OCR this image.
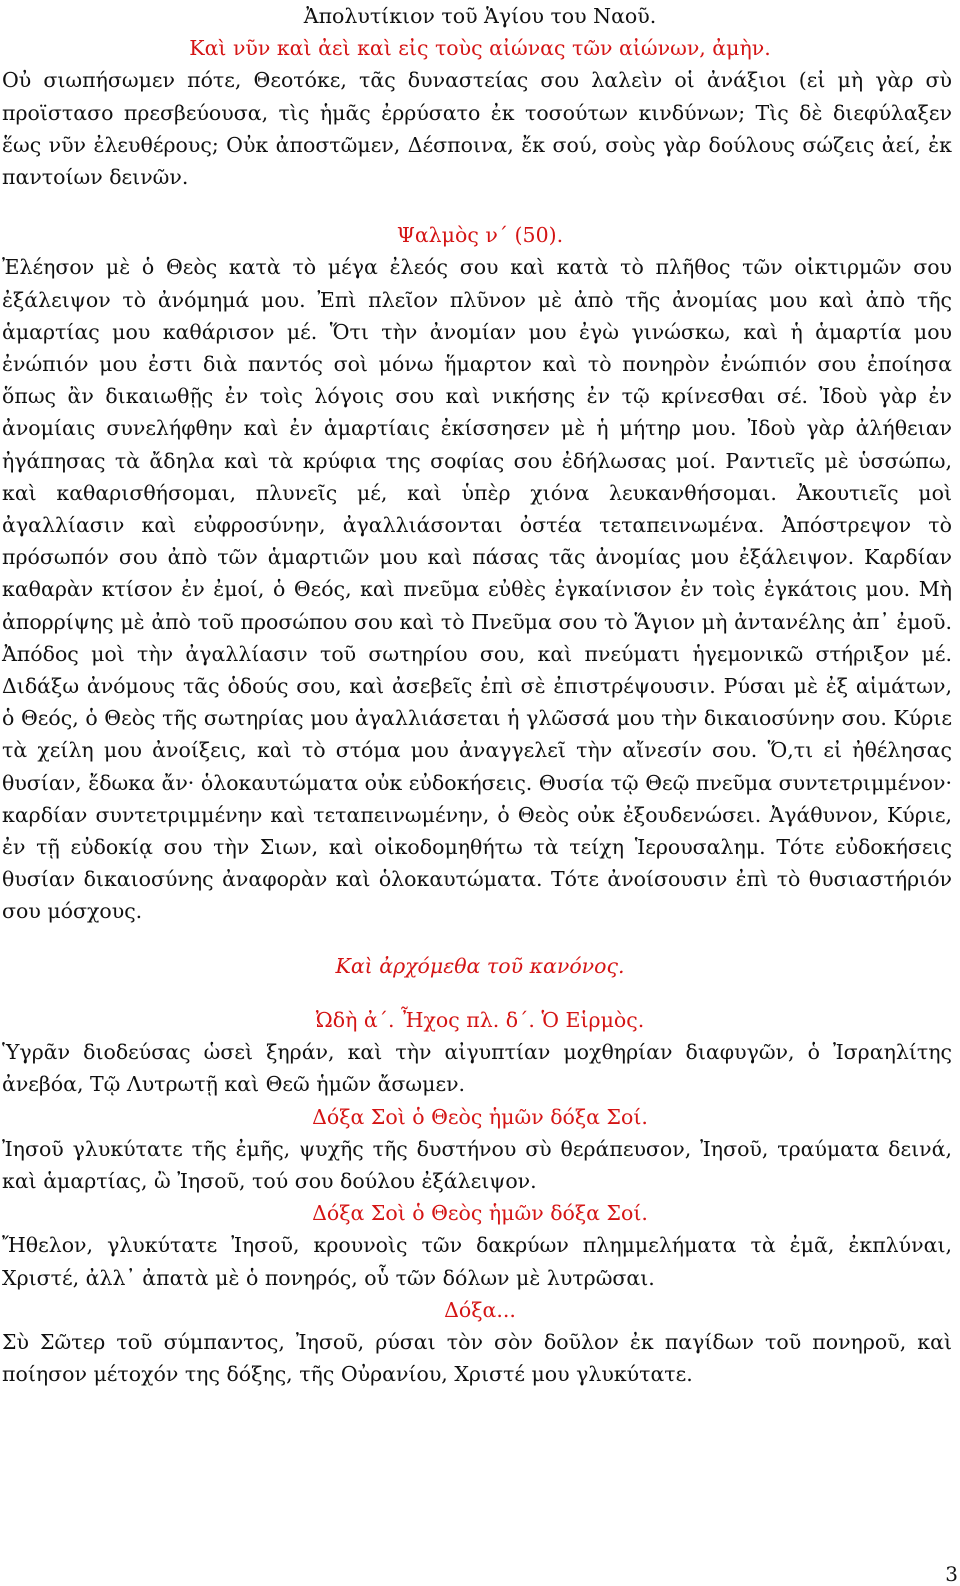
Ἀπολυτίκιον τοῦ Ἁγίου του Ναοῦ.

Καὶ νῦν καὶ ἀεὶ καὶ εἰς τοὺς αἰώνας τῶν αἰώνων, ἀμὴν.

Οὐ σιωπήσωμεν πότε, Θεοτόκε, τᾶς δυναστείας σου λαλεὶν οἱ ἀνάξιοι (εἰ μὴ γὰρ σὺ προϊστασο πρεσβεύουσα, τὶς ἡμᾶς ἐρρύσατο ἐκ τοσούτων κινδύνων; Τὶς δὲ διεφύλαξεν ἕως νῦν ἐλευθέρους; Οὐκ ἀποστῶμεν, Δέσποινα, ἔκ σού, σοὺς γὰρ δούλους σώζεις ἀεί, ἐκ παντοίων δεινῶν.

Ψαλμὸς ν΄ (50).

Ἐλέησον μὲ ὁ Θεὸς κατὰ τὸ μέγα ἐλεός σου καὶ κατὰ τὸ πλῆθος τῶν οἰκτιρμῶν σου ἐξάλειψον τὸ ἀνόμημά μου. Ἐπὶ πλεῖον πλῦνον μὲ ἀπὸ τῆς ἀνομίας μου καὶ ἀπὸ τῆς ἁμαρτίας μου καθάρισον μέ. Ὅτι τὴν ἀνομίαν μου ἐγὼ γινώσκω, καὶ ἡ ἁμαρτία μου ἐνώπιόν μου ἐστι διὰ παντός σοὶ μόνω ἥμαρτον καὶ τὸ πονηρὸν ἐνώπιόν σου ἐποίησα ὅπως ἂν δικαιωθῇς ἐν τοὶς λόγοις σου καὶ νικήσης ἐν τῷ κρίνεσθαι σέ. Ἰδοὺ γὰρ ἐν ἀνομίαις συνελήφθην καὶ ἐν ἁμαρτίαις ἐκίσσησεν μὲ ἡ μήτηρ μου. Ἰδοὺ γὰρ ἀλήθειαν ἠγάπησας τὰ ἄδηλα καὶ τὰ κρύφια της σοφίας σου ἐδήλωσας μοί. Ραντιεῖς μὲ ὑσσώπω, καὶ καθαρισθήσομαι, πλυνεῖς μέ, καὶ ὑπὲρ χιόνα λευκανθήσομαι. Ἀκουτιεῖς μοὶ ἀγαλλίασιν καὶ εὐφροσύνην, ἀγαλλιάσονται ὀστέα τεταπεινωμένα. Ἀπόστρεψον τὸ πρόσωπόν σου ἀπὸ τῶν ἁμαρτιῶν μου καὶ πάσας τᾶς ἀνομίας μου ἐξάλειψον. Καρδίαν καθαρὰν κτίσον ἐν ἐμοί, ὁ Θεός, καὶ πνεῦμα εὐθὲς ἐγκαίνισον ἐν τοὶς ἐγκάτοις μου. Μὴ ἀπορρίψης μὲ ἀπὸ τοῦ προσώπου σου καὶ τὸ Πνεῦμα σου τὸ Ἅγιον μὴ ἀντανέλης ἀπ᾽ ἐμοῦ. Ἀπόδος μοὶ τὴν ἀγαλλίασιν τοῦ σωτηρίου σου, καὶ πνεύματι ἡγεμονικῶ στήριξον μέ. Διδάξω ἀνόμους τᾶς ὁδούς σου, καὶ ἀσεβεῖς ἐπὶ σὲ ἐπιστρέψουσιν. Ρύσαι μὲ ἐξ αἱμάτων, ὁ Θεός, ὁ Θεὸς τῆς σωτηρίας μου ἀγαλλιάσεται ἡ γλῶσσά μου τὴν δικαιοσύνην σου. Κύριε τὰ χείλη μου ἀνοίξεις, καὶ τὸ στόμα μου ἀναγγελεῖ τὴν αἴνεσίν σου. Ὅ,τι εἰ ἠθέλησας θυσίαν, ἔδωκα ἄν· ὁλοκαυτώματα οὐκ εὐδοκήσεις. Θυσία τῷ Θεῷ πνεῦμα συντετριμμένον· καρδίαν συντετριμμένην καὶ τεταπεινωμένην, ὁ Θεὸς οὐκ ἐξουδενώσει. Ἀγάθυνον, Κύριε, ἐν τῇ εὐδοκίᾳ σου τὴν Σιων, καὶ οἰκοδομηθήτω τὰ τείχη Ἱερουσαλημ. Τότε εὐδοκήσεις θυσίαν δικαιοσύνης ἀναφορὰν καὶ ὁλοκαυτώματα. Τότε ἀνοίσουσιν ἐπὶ τὸ θυσιαστήριόν σου μόσχους.

Καὶ ἀρχόμεθα τοῦ κανόνος.

Ὠδὴ ἀ΄. Ἦχος πλ. δ΄. Ὁ Εἱρμὸς.

Ὑγρᾶν διοδεύσας ὡσεὶ ξηράν, καὶ τὴν αἰγυπτίαν μοχθηρίαν διαφυγῶν, ὁ Ἰσραηλίτης ἀνεβόα, Τῷ Λυτρωτῇ καὶ Θεῶ ἡμῶν ἄσωμεν.

Δόξα Σοὶ ὁ Θεὸς ἡμῶν δόξα Σοί.

Ἰησοῦ γλυκύτατε τῆς ἐμῆς, ψυχῆς τῆς δυστήνου σὺ θεράπευσον, Ἰησοῦ, τραύματα δεινά, καὶ ἁμαρτίας, ὢ Ἰησοῦ, τού σου δούλου ἐξάλειψον.

Δόξα Σοὶ ὁ Θεὸς ἡμῶν δόξα Σοί.

Ἤθελον, γλυκύτατε Ἰησοῦ, κρουνοὶς τῶν δακρύων πλημμελήματα τὰ ἐμᾶ, ἐκπλύναι, Χριστέ, ἀλλ᾽ ἀπατὰ μὲ ὁ πονηρός, οὗ τῶν δόλων μὲ λυτρῶσαι.

Δόξα...

Σὺ Σῶτερ τοῦ σύμπαντος, Ἰησοῦ, ρύσαι τὸν σὸν δοῦλον ἐκ παγίδων τοῦ πονηροῦ, καὶ ποίησον μέτοχόν της δόξης, τῆς Οὐρανίου, Χριστέ μου γλυκύτατε.

3
